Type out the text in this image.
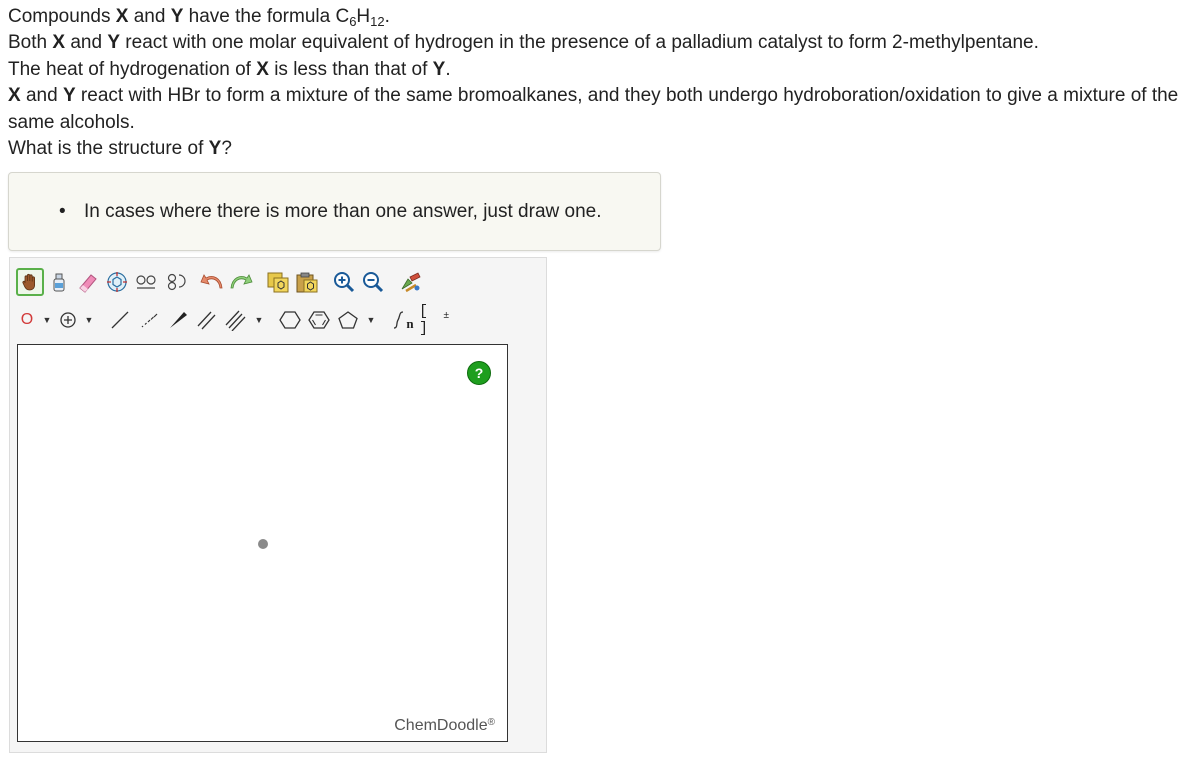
Compounds X and Y have the formula $C_6H_{12}$.

Both X and Y react with one molar equivalent of hydrogen in the presence of a palladium catalyst to form 2-methylpentane.

The heat of hydrogenation of X is less than that of Y.

X and Y react with HBr to form a mixture of the same bromoalkanes, and they both undergo hydroboration/oxidation to give a mixture of the same alcohols.

What is the structure of Y?

• In cases where there is more than one answer, just draw one.
O ▼	▼	▼	▼ n
[ ]
±
?
ChemDoodle®
